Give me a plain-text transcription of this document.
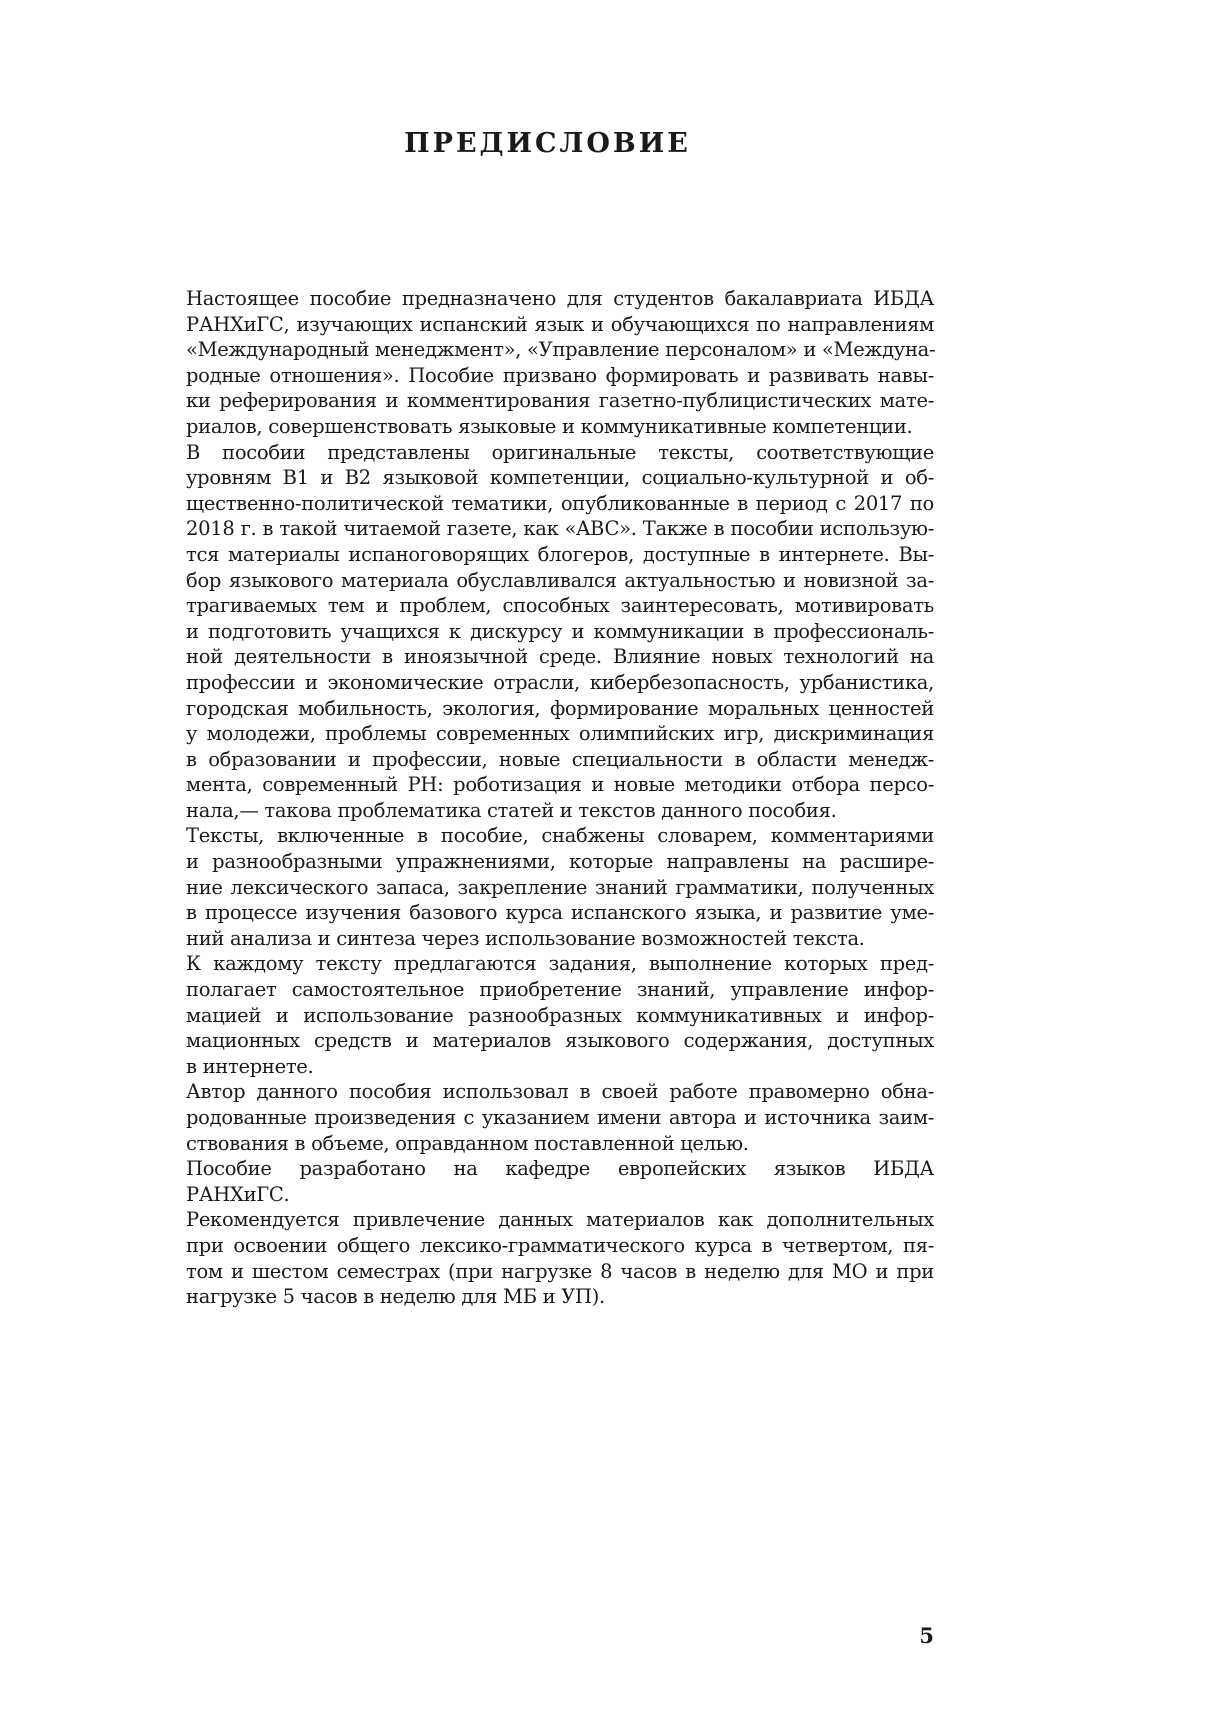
ПРЕДИСЛОВИЕ

Настоящее пособие предназначено для студентов бакалавриата ИБДА
РАНХиГС, изучающих испанский язык и обучающихся по направлениям
«Международный менеджмент», «Управление персоналом» и «Междуна-
родные отношения». Пособие призвано формировать и развивать навы-
ки реферирования и комментирования газетно-публицистических мате-
риалов, совершенствовать языковые и коммуникативные компетенции.

В пособии представлены оригинальные тексты, соответствующие
уровням B1 и B2 языковой компетенции, социально-культурной и об-
щественно-политической тематики, опубликованные в период с 2017 по
2018 г. в такой читаемой газете, как «ABC». Также в пособии использую-
тся материалы испаноговорящих блогеров, доступные в интернете. Вы-
бор языкового материала обуславливался актуальностью и новизной за-
трагиваемых тем и проблем, способных заинтересовать, мотивировать
и подготовить учащихся к дискурсу и коммуникации в профессиональ-
ной деятельности в иноязычной среде. Влияние новых технологий на
профессии и экономические отрасли, кибербезопасность, урбанистика,
городская мобильность, экология, формирование моральных ценностей
у молодежи, проблемы современных олимпийских игр, дискриминация
в образовании и профессии, новые специальности в области менедж-
мента, современный РН: роботизация и новые методики отбора персо-
нала,— такова проблематика статей и текстов данного пособия.

Тексты, включенные в пособие, снабжены словарем, комментариями
и разнообразными упражнениями, которые направлены на расшире-
ние лексического запаса, закрепление знаний грамматики, полученных
в процессе изучения базового курса испанского языка, и развитие уме-
ний анализа и синтеза через использование возможностей текста.

К каждому тексту предлагаются задания, выполнение которых пред-
полагает самостоятельное приобретение знаний, управление инфор-
мацией и использование разнообразных коммуникативных и инфор-
мационных средств и материалов языкового содержания, доступных
в интернете.

Автор данного пособия использовал в своей работе правомерно обна-
родованные произведения с указанием имени автора и источника заим-
ствования в объеме, оправданном поставленной целью.

Пособие разработано на кафедре европейских языков ИБДА
РАНХиГС.

Рекомендуется привлечение данных материалов как дополнительных
при освоении общего лексико-грамматического курса в четвертом, пя-
том и шестом семестрах (при нагрузке 8 часов в неделю для МО и при
нагрузке 5 часов в неделю для МБ и УП).

5
